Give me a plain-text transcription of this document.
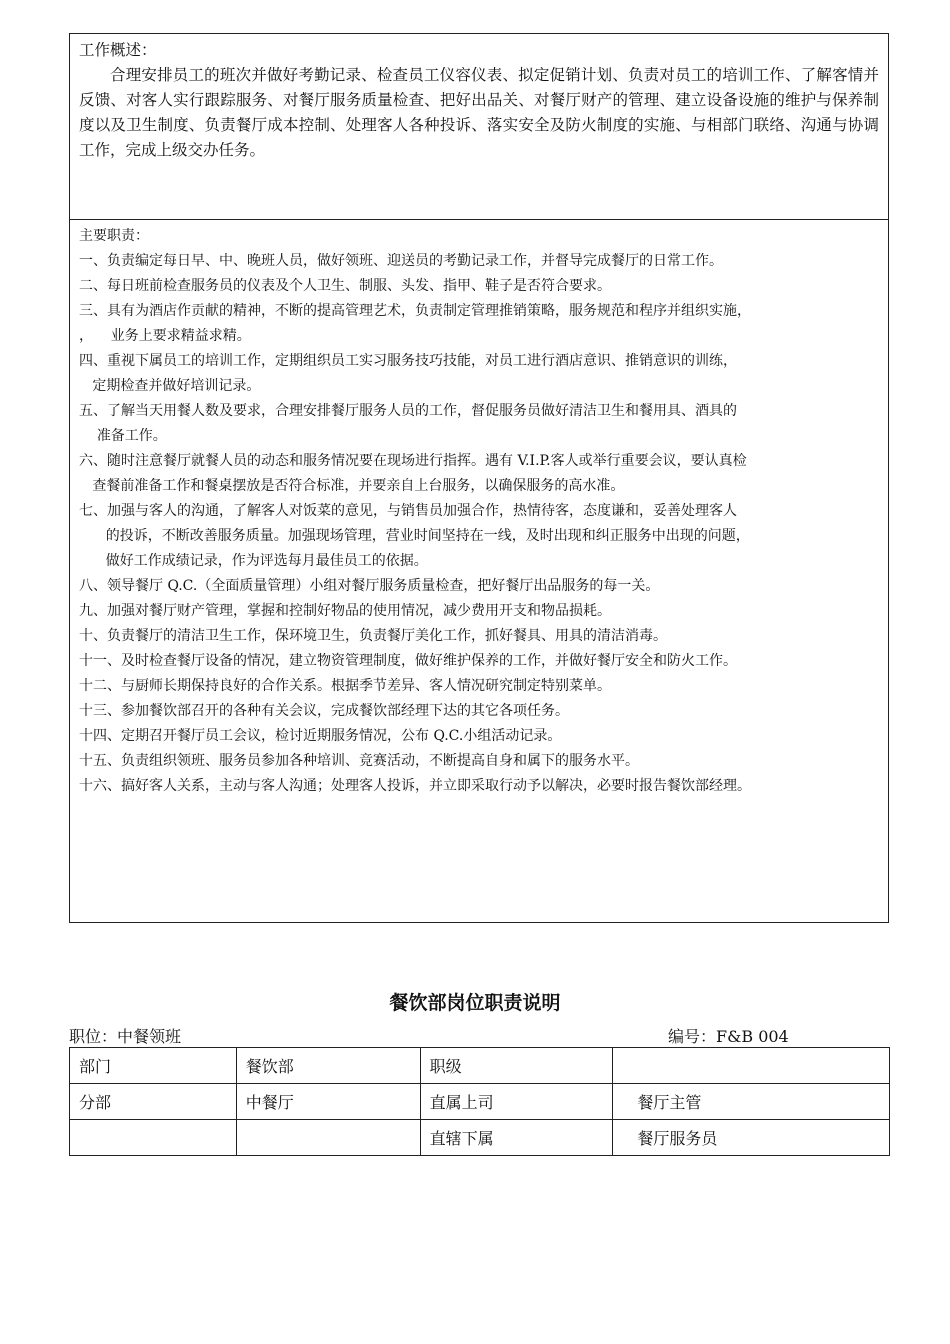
工作概述：
合理安排员工的班次并做好考勤记录、检查员工仪容仪表、拟定促销计划、负责对员工的培训工作、了解客情并反馈、对客人实行跟踪服务、对餐厅服务质量检查、把好出品关、对餐厅财产的管理、建立设备设施的维护与保养制度以及卫生制度、负责餐厅成本控制、处理客人各种投诉、落实安全及防火制度的实施、与相部门联络、沟通与协调工作，完成上级交办任务。
主要职责：
一、负责编定每日早、中、晚班人员，做好领班、迎送员的考勤记录工作，并督导完成餐厅的日常工作。
二、每日班前检查服务员的仪表及个人卫生、制服、头发、指甲、鞋子是否符合要求。
三、具有为酒店作贡献的精神，不断的提高管理艺术，负责制定管理推销策略，服务规范和程序并组织实施，
，    业务上要求精益求精。
四、重视下属员工的培训工作，定期组织员工实习服务技巧技能，对员工进行酒店意识、推销意识的训练，
定期检查并做好培训记录。
五、了解当天用餐人数及要求，合理安排餐厅服务人员的工作，督促服务员做好清洁卫生和餐用具、酒具的
准备工作。
六、随时注意餐厅就餐人员的动态和服务情况要在现场进行指挥。遇有 V.I.P.客人或举行重要会议，要认真检
查餐前准备工作和餐桌摆放是否符合标准，并要亲自上台服务，以确保服务的高水准。
七、加强与客人的沟通，了解客人对饭菜的意见，与销售员加强合作，热情待客，态度谦和，妥善处理客人
的投诉，不断改善服务质量。加强现场管理，营业时间坚持在一线，及时出现和纠正服务中出现的问题，
做好工作成绩记录，作为评选每月最佳员工的依据。
八、领导餐厅 Q.C.（全面质量管理）小组对餐厅服务质量检查，把好餐厅出品服务的每一关。
九、加强对餐厅财产管理，掌握和控制好物品的使用情况，减少费用开支和物品损耗。
十、负责餐厅的清洁卫生工作，保环境卫生，负责餐厅美化工作，抓好餐具、用具的清洁消毒。
十一、及时检查餐厅设备的情况，建立物资管理制度，做好维护保养的工作，并做好餐厅安全和防火工作。
十二、与厨师长期保持良好的合作关系。根据季节差异、客人情况研究制定特别菜单。
十三、参加餐饮部召开的各种有关会议，完成餐饮部经理下达的其它各项任务。
十四、定期召开餐厅员工会议，检讨近期服务情况，公布 Q.C.小组活动记录。
十五、负责组织领班、服务员参加各种培训、竞赛活动，不断提高自身和属下的服务水平。
十六、搞好客人关系，主动与客人沟通；处理客人投诉，并立即采取行动予以解决，必要时报告餐饮部经理。
餐饮部岗位职责说明
职位：中餐领班	编号：F&B 004
部门	餐饮部	职级	
分部	中餐厅	直属上司	餐厅主管
		直辖下属	餐厅服务员
